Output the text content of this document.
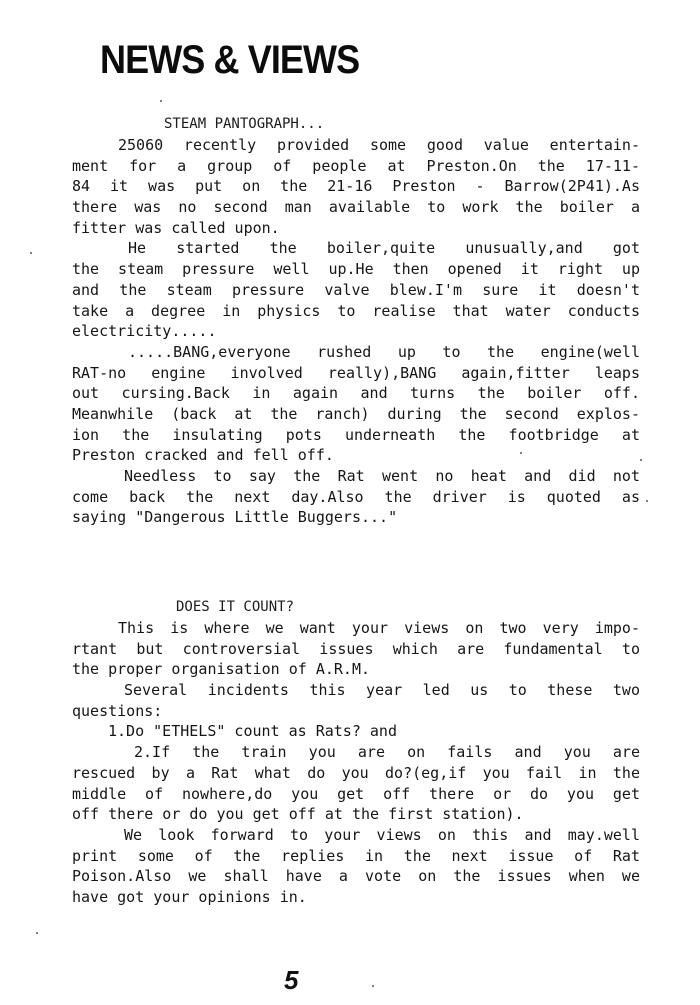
NEWS & VIEWS
STEAM PANTOGRAPH...
25060 recently provided some good value entertain-
ment for a group of people at Preston.On the 17-11-
84 it was put on the 21-16 Preston - Barrow(2P41).As
there was no second man available to work the boiler a
fitter was called upon.
He started the boiler,quite unusually,and got
the steam pressure well up.He then opened it right up
and the steam pressure valve blew.I'm sure it doesn't
take a degree in physics to realise that water conducts
electricity.....
.....BANG,everyone rushed up to the engine(well
RAT-no engine involved really),BANG again,fitter leaps
out cursing.Back in again and turns the boiler off.
Meanwhile (back at the ranch) during the second explos-
ion the insulating pots underneath the footbridge at
Preston cracked and fell off.
Needless to say the Rat went no heat and did not
come back the next day.Also the driver is quoted as
saying "Dangerous Little Buggers..."
DOES IT COUNT?
This is where we want your views on two very impo-
rtant but controversial issues which are fundamental to
the proper organisation of A.R.M.
Several incidents this year led us to these two
questions:
1.Do "ETHELS" count as Rats? and
2.If the train you are on fails and you are
rescued by a Rat what do you do?(eg,if you fail in the
middle of nowhere,do you get off there or do you get
off there or do you get off at the first station).
We look forward to your views on this and may.well
print some of the replies in the next issue of Rat
Poison.Also we shall have a vote on the issues when we
have got your opinions in.
5
